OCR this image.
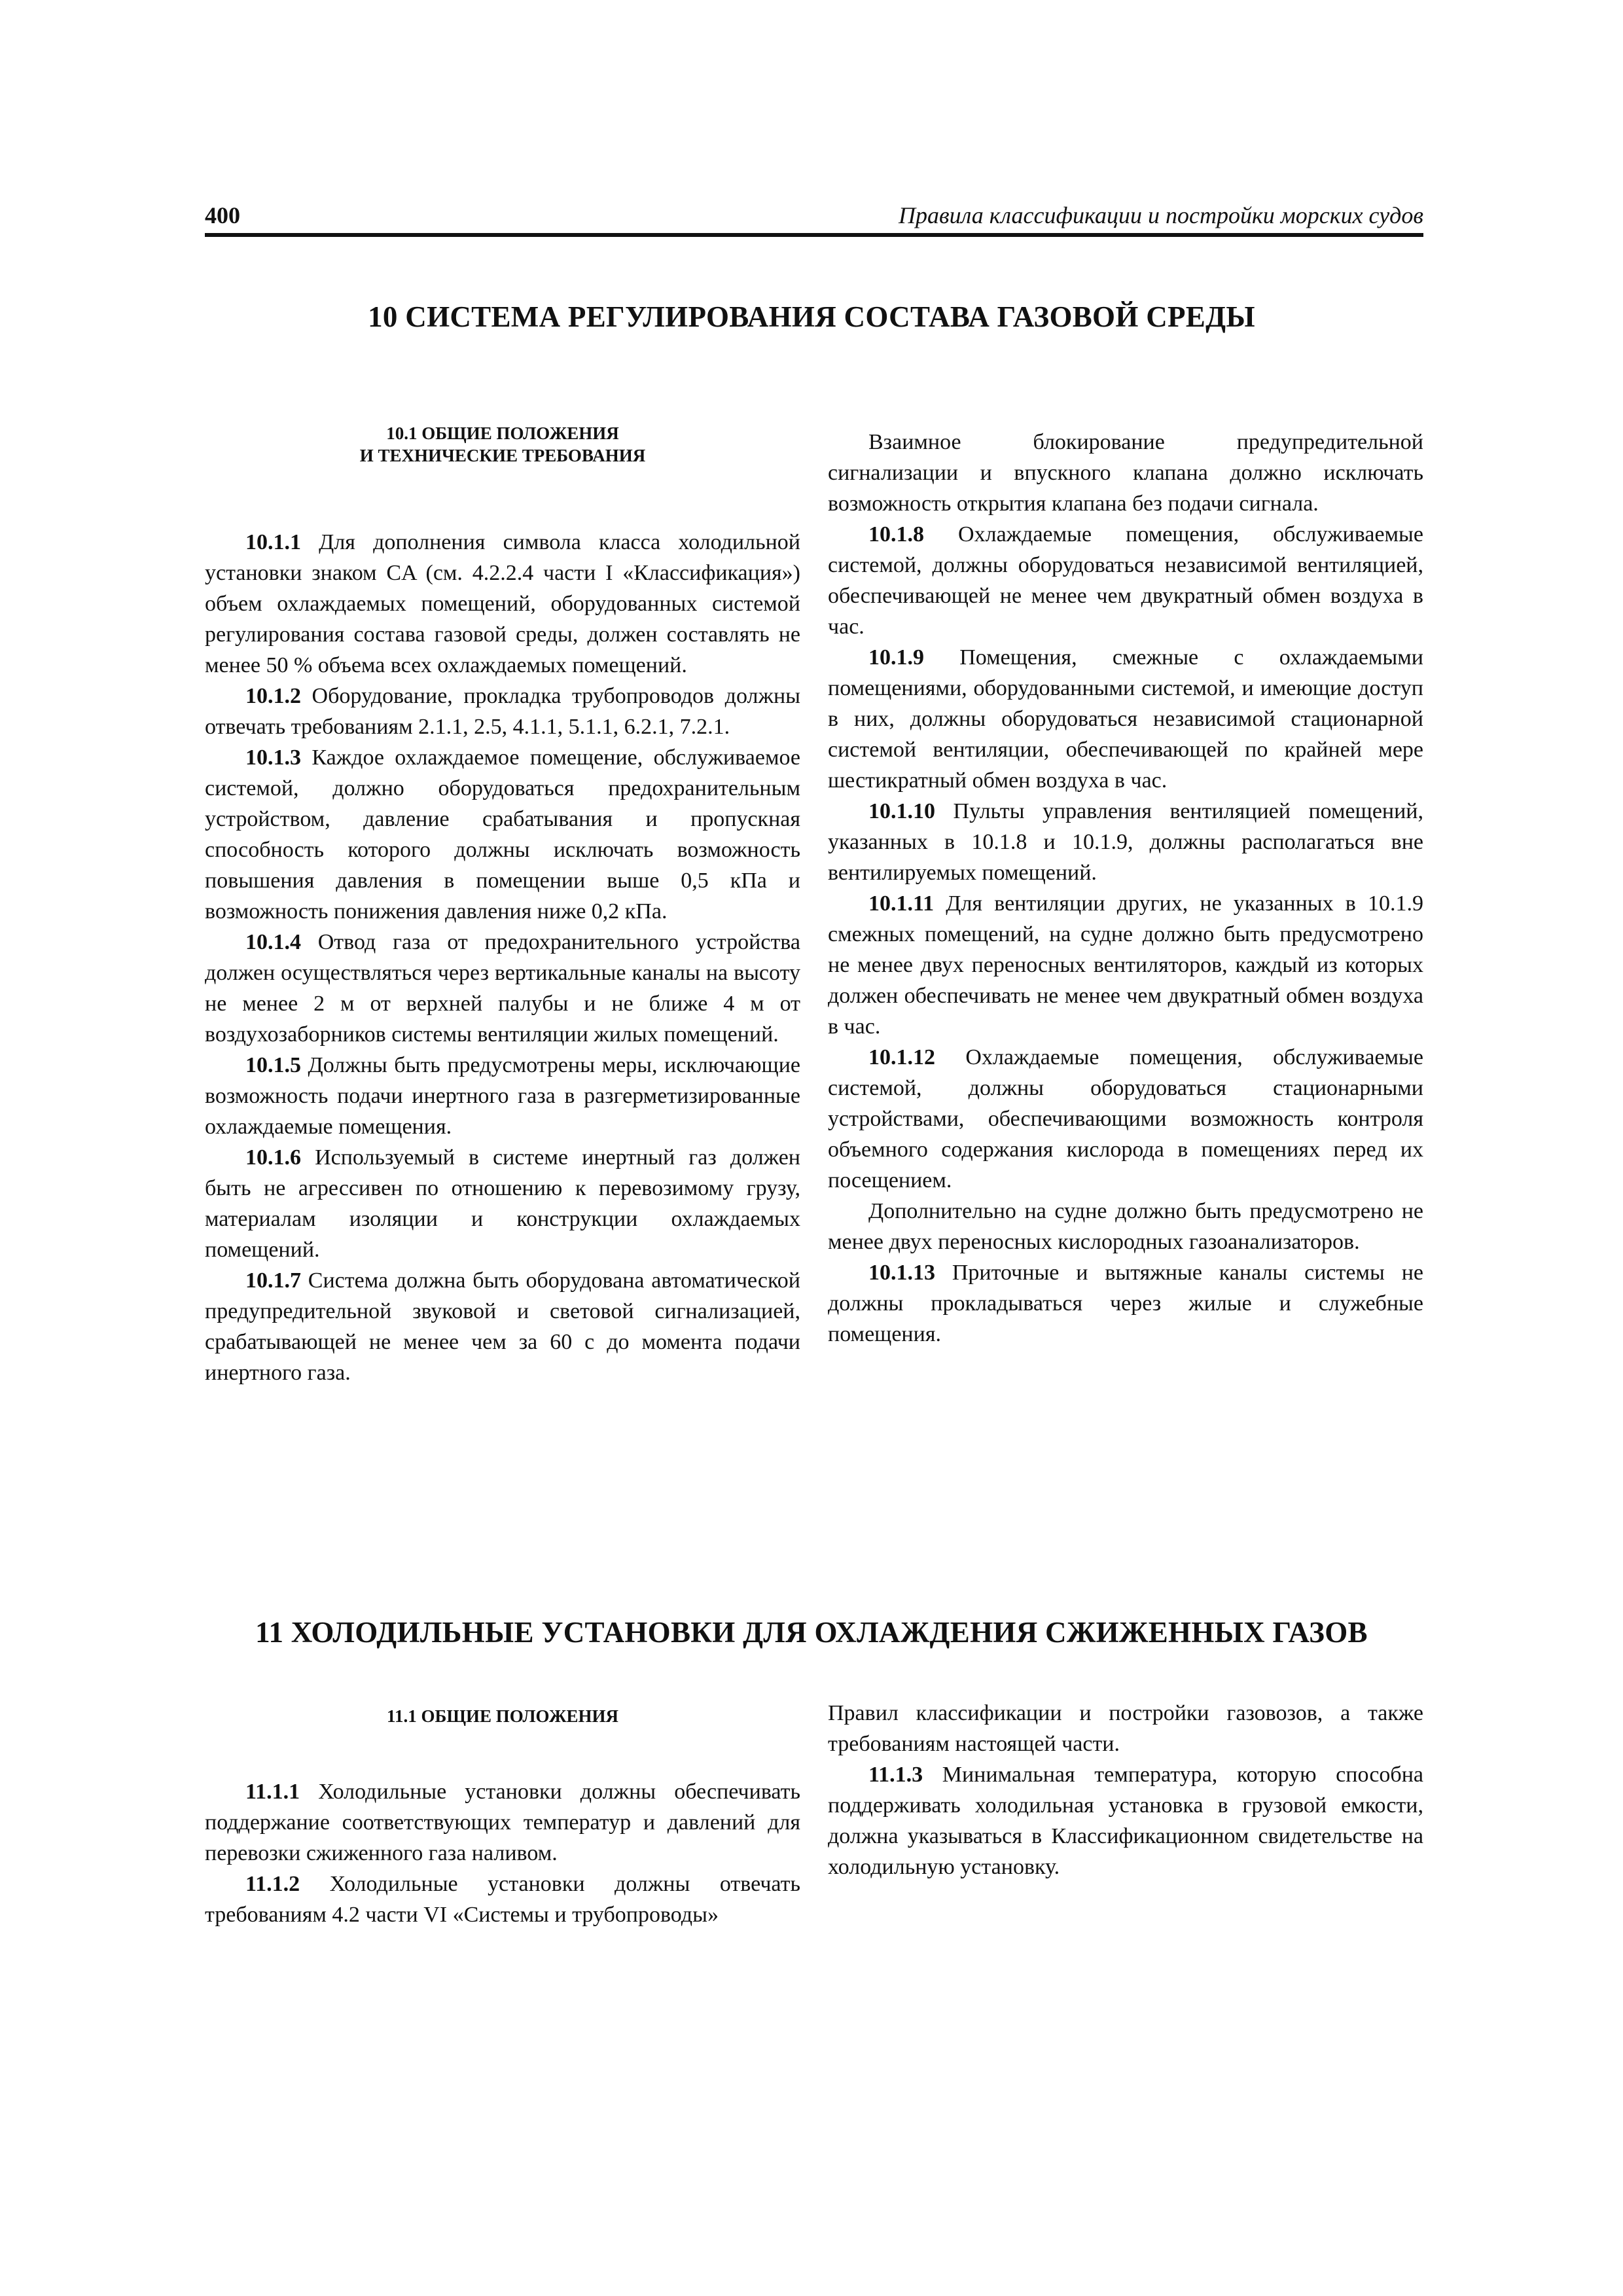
400	Правила классификации и постройки морских судов
10 СИСТЕМА РЕГУЛИРОВАНИЯ СОСТАВА ГАЗОВОЙ СРЕДЫ
10.1 ОБЩИЕ ПОЛОЖЕНИЯ
И ТЕХНИЧЕСКИЕ ТРЕБОВАНИЯ

10.1.1 Для дополнения символа класса холодильной установки знаком CA (см. 4.2.2.4 части I «Классификация») объем охлаждаемых помещений, оборудованных системой регулирования состава газовой среды, должен составлять не менее 50 % объема всех охлаждаемых помещений.

10.1.2 Оборудование, прокладка трубопроводов должны отвечать требованиям 2.1.1, 2.5, 4.1.1, 5.1.1, 6.2.1, 7.2.1.

10.1.3 Каждое охлаждаемое помещение, обслуживаемое системой, должно оборудоваться предохранительным устройством, давление срабатывания и пропускная способность которого должны исключать возможность повышения давления в помещении выше 0,5 кПа и возможность понижения давления ниже 0,2 кПа.

10.1.4 Отвод газа от предохранительного устройства должен осуществляться через вертикальные каналы на высоту не менее 2 м от верхней палубы и не ближе 4 м от воздухозаборников системы вентиляции жилых помещений.

10.1.5 Должны быть предусмотрены меры, исключающие возможность подачи инертного газа в разгерметизированные охлаждаемые помещения.

10.1.6 Используемый в системе инертный газ должен быть не агрессивен по отношению к перевозимому грузу, материалам изоляции и конструкции охлаждаемых помещений.

10.1.7 Система должна быть оборудована автоматической предупредительной звуковой и световой сигнализацией, срабатывающей не менее чем за 60 с до момента подачи инертного газа.

Взаимное блокирование предупредительной сигнализации и впускного клапана должно исключать возможность открытия клапана без подачи сигнала.

10.1.8 Охлаждаемые помещения, обслуживаемые системой, должны оборудоваться независимой вентиляцией, обеспечивающей не менее чем двукратный обмен воздуха в час.

10.1.9 Помещения, смежные с охлаждаемыми помещениями, оборудованными системой, и имеющие доступ в них, должны оборудоваться независимой стационарной системой вентиляции, обеспечивающей по крайней мере шестикратный обмен воздуха в час.

10.1.10 Пульты управления вентиляцией помещений, указанных в 10.1.8 и 10.1.9, должны располагаться вне вентилируемых помещений.

10.1.11 Для вентиляции других, не указанных в 10.1.9 смежных помещений, на судне должно быть предусмотрено не менее двух переносных вентиляторов, каждый из которых должен обеспечивать не менее чем двукратный обмен воздуха в час.

10.1.12 Охлаждаемые помещения, обслуживаемые системой, должны оборудоваться стационарными устройствами, обеспечивающими возможность контроля объемного содержания кислорода в помещениях перед их посещением.

Дополнительно на судне должно быть предусмотрено не менее двух переносных кислородных газоанализаторов.

10.1.13 Приточные и вытяжные каналы системы не должны прокладываться через жилые и служебные помещения.

11 ХОЛОДИЛЬНЫЕ УСТАНОВКИ ДЛЯ ОХЛАЖДЕНИЯ СЖИЖЕННЫХ ГАЗОВ
11.1 ОБЩИЕ ПОЛОЖЕНИЯ

11.1.1 Холодильные установки должны обеспечивать поддержание соответствующих температур и давлений для перевозки сжиженного газа наливом.

11.1.2 Холодильные установки должны отвечать требованиям 4.2 части VI «Системы и трубопроводы»

Правил классификации и постройки газовозов, а также требованиям настоящей части.

11.1.3 Минимальная температура, которую способна поддерживать холодильная установка в грузовой емкости, должна указываться в Классификационном свидетельстве на холодильную установку.
